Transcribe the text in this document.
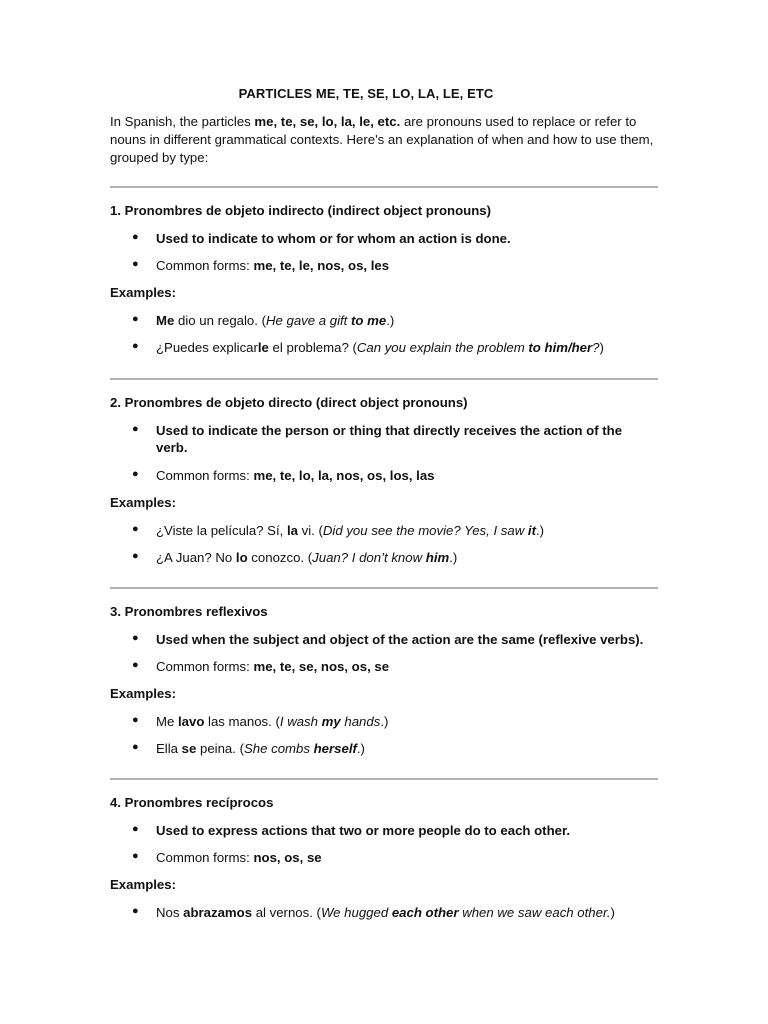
PARTICLES ME, TE, SE, LO, LA, LE, ETC
In Spanish, the particles me, te, se, lo, la, le, etc. are pronouns used to replace or refer to nouns in different grammatical contexts. Here's an explanation of when and how to use them, grouped by type:
1. Pronombres de objeto indirecto (indirect object pronouns)
● Used to indicate to whom or for whom an action is done.
● Common forms: me, te, le, nos, os, les
Examples:
● Me dio un regalo. (He gave a gift to me.)
● ¿Puedes explicarle el problema? (Can you explain the problem to him/her?)
2. Pronombres de objeto directo (direct object pronouns)
● Used to indicate the person or thing that directly receives the action of the verb.
● Common forms: me, te, lo, la, nos, os, los, las
Examples:
● ¿Viste la película? Sí, la vi. (Did you see the movie? Yes, I saw it.)
● ¿A Juan? No lo conozco. (Juan? I don’t know him.)
3. Pronombres reflexivos
● Used when the subject and object of the action are the same (reflexive verbs).
● Common forms: me, te, se, nos, os, se
Examples:
● Me lavo las manos. (I wash my hands.)
● Ella se peina. (She combs herself.)
4. Pronombres recíprocos
● Used to express actions that two or more people do to each other.
● Common forms: nos, os, se
Examples:
● Nos abrazamos al vernos. (We hugged each other when we saw each other.)
